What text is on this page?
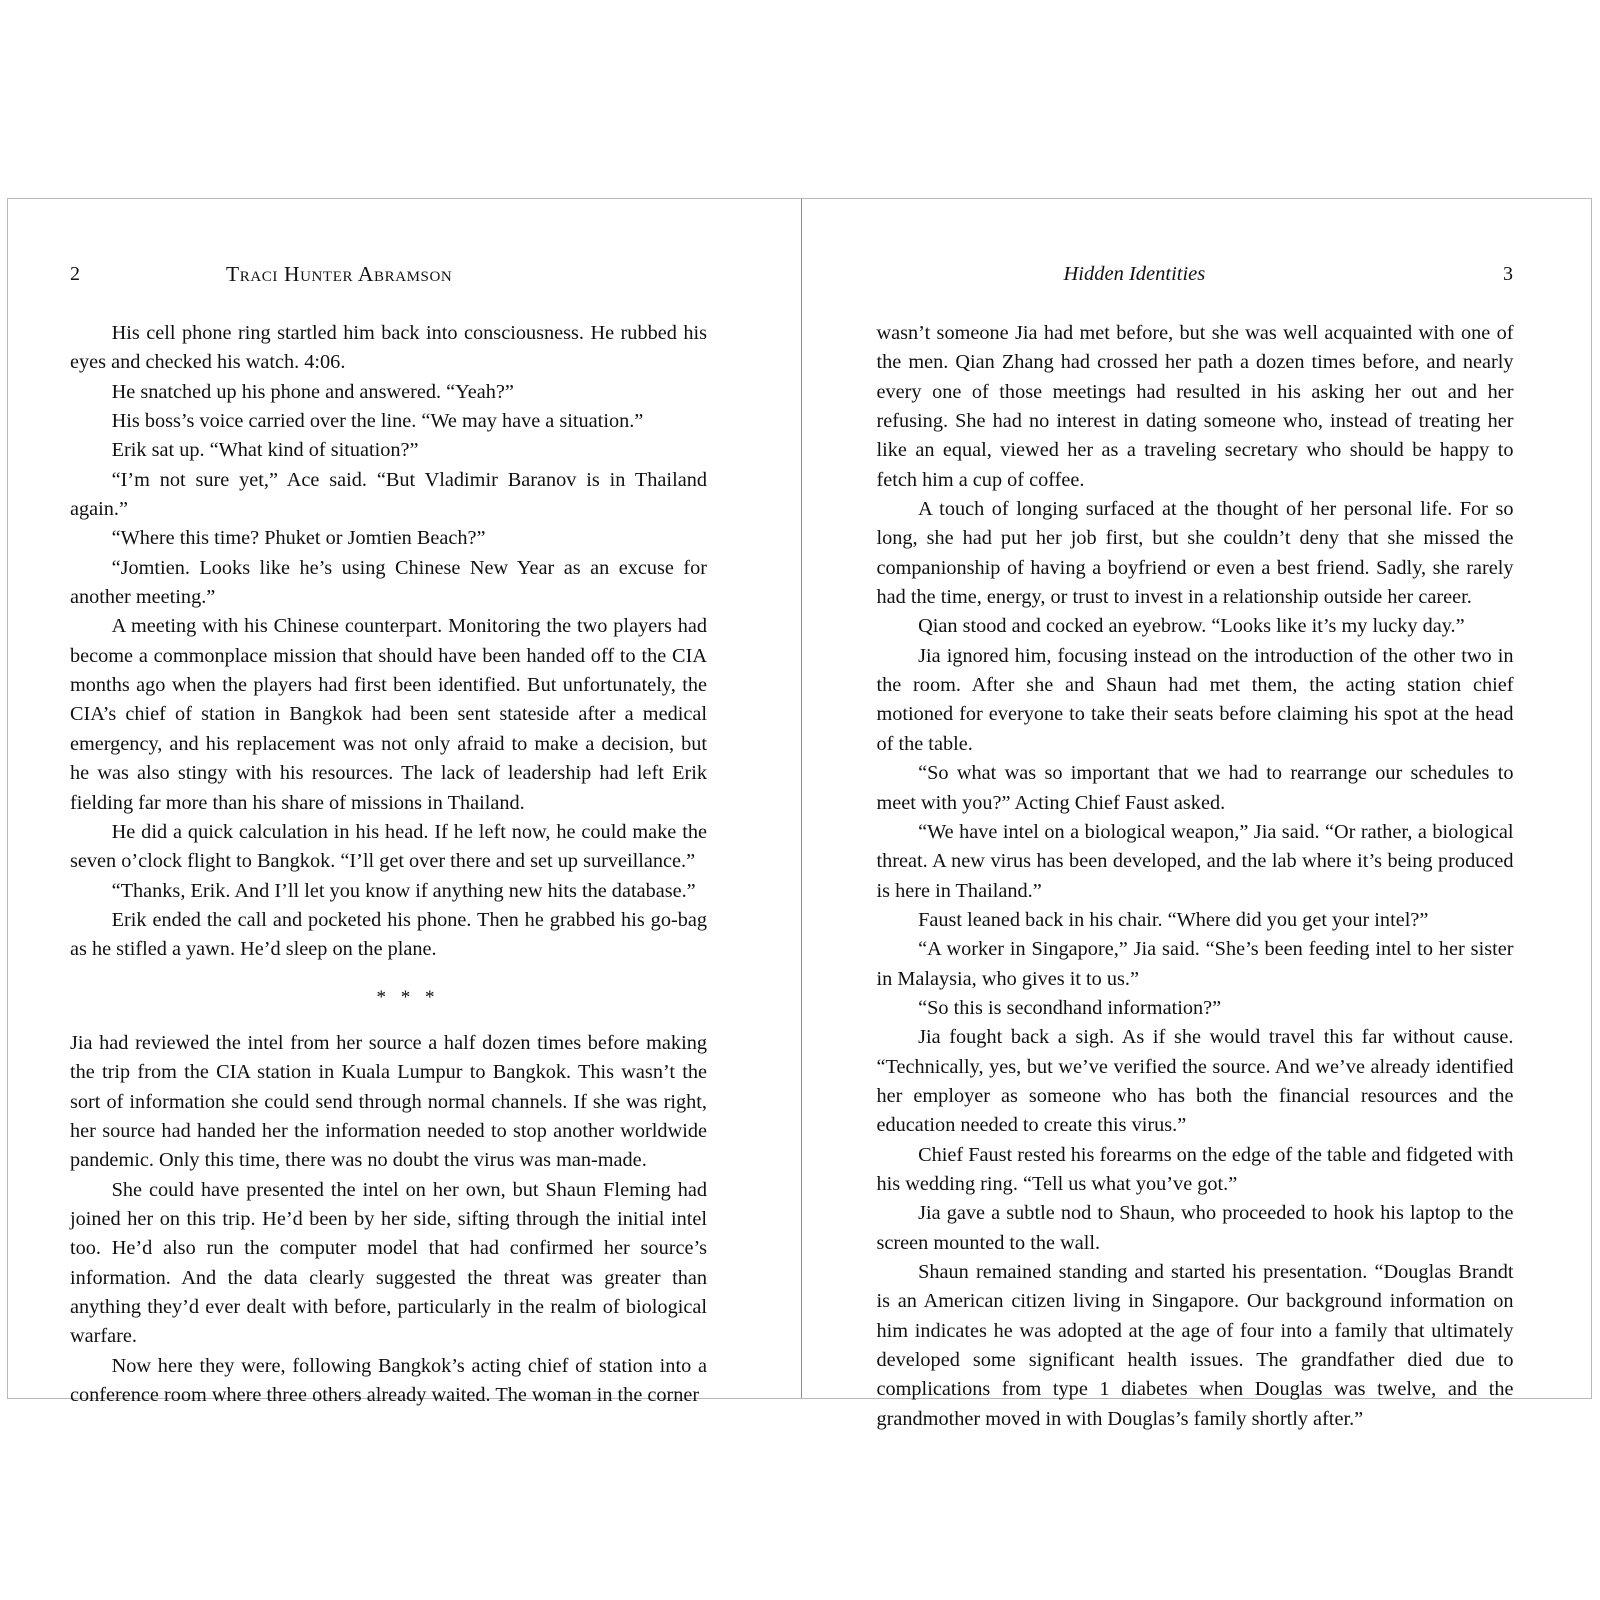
2	Traci Hunter Abramson

His cell phone ring startled him back into consciousness. He rubbed his eyes and checked his watch. 4:06.

He snatched up his phone and answered. “Yeah?”

His boss’s voice carried over the line. “We may have a situation.”

Erik sat up. “What kind of situation?”

“I’m not sure yet,” Ace said. “But Vladimir Baranov is in Thailand again.”

“Where this time? Phuket or Jomtien Beach?”

“Jomtien. Looks like he’s using Chinese New Year as an excuse for another meeting.”

A meeting with his Chinese counterpart. Monitoring the two players had become a commonplace mission that should have been handed off to the CIA months ago when the players had first been identified. But unfortunately, the CIA’s chief of station in Bangkok had been sent stateside after a medical emergency, and his replacement was not only afraid to make a decision, but he was also stingy with his resources. The lack of leadership had left Erik fielding far more than his share of missions in Thailand.

He did a quick calculation in his head. If he left now, he could make the seven o’clock flight to Bangkok. “I’ll get over there and set up surveillance.”

“Thanks, Erik. And I’ll let you know if anything new hits the database.”

Erik ended the call and pocketed his phone. Then he grabbed his go-bag as he stifled a yawn. He’d sleep on the plane.

* * *

Jia had reviewed the intel from her source a half dozen times before making the trip from the CIA station in Kuala Lumpur to Bangkok. This wasn’t the sort of information she could send through normal channels. If she was right, her source had handed her the information needed to stop another worldwide pandemic. Only this time, there was no doubt the virus was man-made.

She could have presented the intel on her own, but Shaun Fleming had joined her on this trip. He’d been by her side, sifting through the initial intel too. He’d also run the computer model that had confirmed her source’s information. And the data clearly suggested the threat was greater than anything they’d ever dealt with before, particularly in the realm of biological warfare.

Now here they were, following Bangkok’s acting chief of station into a conference room where three others already waited. The woman in the corner

Hidden Identities	3

wasn’t someone Jia had met before, but she was well acquainted with one of the men. Qian Zhang had crossed her path a dozen times before, and nearly every one of those meetings had resulted in his asking her out and her refusing. She had no interest in dating someone who, instead of treating her like an equal, viewed her as a traveling secretary who should be happy to fetch him a cup of coffee.

A touch of longing surfaced at the thought of her personal life. For so long, she had put her job first, but she couldn’t deny that she missed the companionship of having a boyfriend or even a best friend. Sadly, she rarely had the time, energy, or trust to invest in a relationship outside her career.

Qian stood and cocked an eyebrow. “Looks like it’s my lucky day.”

Jia ignored him, focusing instead on the introduction of the other two in the room. After she and Shaun had met them, the acting station chief motioned for everyone to take their seats before claiming his spot at the head of the table.

“So what was so important that we had to rearrange our schedules to meet with you?” Acting Chief Faust asked.

“We have intel on a biological weapon,” Jia said. “Or rather, a biological threat. A new virus has been developed, and the lab where it’s being produced is here in Thailand.”

Faust leaned back in his chair. “Where did you get your intel?”

“A worker in Singapore,” Jia said. “She’s been feeding intel to her sister in Malaysia, who gives it to us.”

“So this is secondhand information?”

Jia fought back a sigh. As if she would travel this far without cause. “Technically, yes, but we’ve verified the source. And we’ve already identified her employer as someone who has both the financial resources and the education needed to create this virus.”

Chief Faust rested his forearms on the edge of the table and fidgeted with his wedding ring. “Tell us what you’ve got.”

Jia gave a subtle nod to Shaun, who proceeded to hook his laptop to the screen mounted to the wall.

Shaun remained standing and started his presentation. “Douglas Brandt is an American citizen living in Singapore. Our background information on him indicates he was adopted at the age of four into a family that ultimately developed some significant health issues. The grandfather died due to complications from type 1 diabetes when Douglas was twelve, and the grandmother moved in with Douglas’s family shortly after.”
